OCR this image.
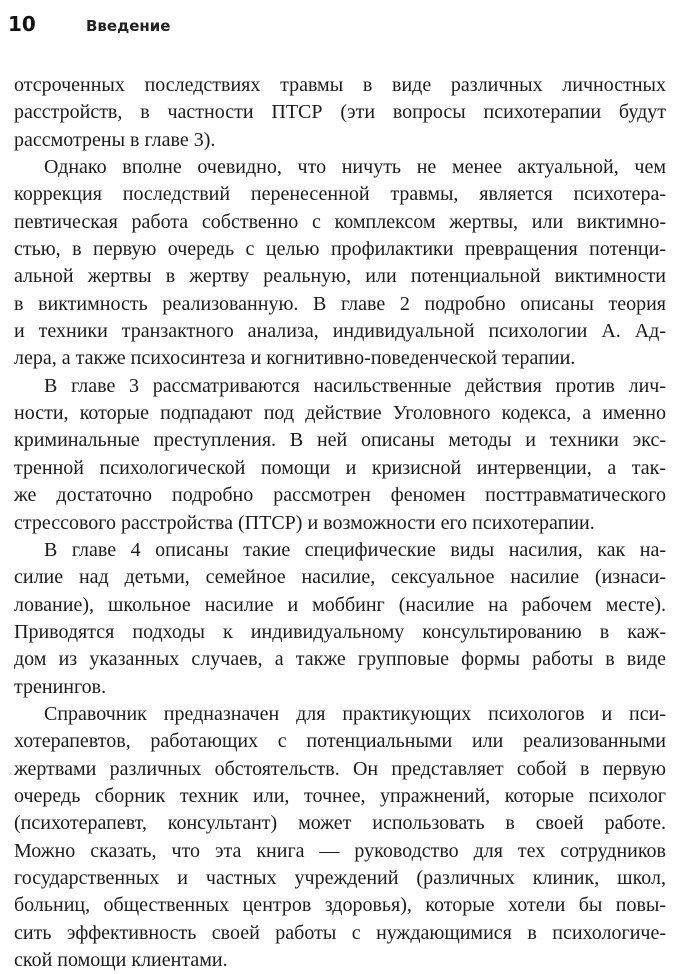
10	Введение
отсроченных последствиях травмы в виде различных личностных
расстройств, в частности ПТСР (эти вопросы психотерапии будут
рассмотрены в главе 3).
Однако вполне очевидно, что ничуть не менее актуальной, чем
коррекция последствий перенесенной травмы, является психотера-
певтическая работа собственно с комплексом жертвы, или виктимно-
стью, в первую очередь с целью профилактики превращения потенци-
альной жертвы в жертву реальную, или потенциальной виктимности
в виктимность реализованную. В главе 2 подробно описаны теория
и техники транзактного анализа, индивидуальной психологии А. Ад-
лера, а также психосинтеза и когнитивно-поведенческой терапии.
В главе 3 рассматриваются насильственные действия против лич-
ности, которые подпадают под действие Уголовного кодекса, а именно
криминальные преступления. В ней описаны методы и техники экс-
тренной психологической помощи и кризисной интервенции, а так-
же достаточно подробно рассмотрен феномен посттравматического
стрессового расстройства (ПТСР) и возможности его психотерапии.
В главе 4 описаны такие специфические виды насилия, как на-
силие над детьми, семейное насилие, сексуальное насилие (изнаси-
лование), школьное насилие и моббинг (насилие на рабочем месте).
Приводятся подходы к индивидуальному консультированию в каж-
дом из указанных случаев, а также групповые формы работы в виде
тренингов.
Справочник предназначен для практикующих психологов и пси-
хотерапевтов, работающих с потенциальными или реализованными
жертвами различных обстоятельств. Он представляет собой в первую
очередь сборник техник или, точнее, упражнений, которые психолог
(психотерапевт, консультант) может использовать в своей работе.
Можно сказать, что эта книга — руководство для тех сотрудников
государственных и частных учреждений (различных клиник, школ,
больниц, общественных центров здоровья), которые хотели бы повы-
сить эффективность своей работы с нуждающимися в психологиче-
ской помощи клиентами.
